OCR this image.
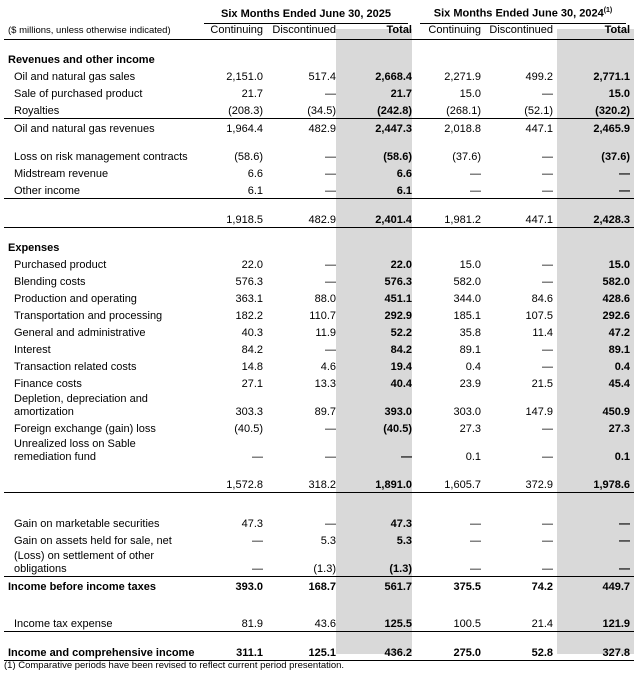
	Six Months Ended June 30, 2025			Six Months Ended June 30, 2024$^{(1)}$
($ millions, unless otherwise indicated)	Continuing	Discontinued	Total	Continuing	Discontinued	Total

Revenues and other income						
Oil and natural gas sales	2,151.0	517.4	2,668.4	2,271.9	499.2	2,771.1
Sale of purchased product	21.7	—	21.7	15.0	—	15.0
Royalties	(208.3)	(34.5)	(242.8)	(268.1)	(52.1)	(320.2)
Oil and natural gas revenues	1,964.4	482.9	2,447.3	2,018.8	447.1	2,465.9
Loss on risk management contracts	(58.6)	—	(58.6)	(37.6)	—	(37.6)
Midstream revenue	6.6	—	6.6	—	—	—
Other income	6.1	—	6.1	—	—	—
	1,918.5	482.9	2,401.4	1,981.2	447.1	2,428.3

Expenses						
Purchased product	22.0	—	22.0	15.0	—	15.0
Blending costs	576.3	—	576.3	582.0	—	582.0
Production and operating	363.1	88.0	451.1	344.0	84.6	428.6
Transportation and processing	182.2	110.7	292.9	185.1	107.5	292.6
General and administrative	40.3	11.9	52.2	35.8	11.4	47.2
Interest	84.2	—	84.2	89.1	—	89.1
Transaction related costs	14.8	4.6	19.4	0.4	—	0.4
Finance costs	27.1	13.3	40.4	23.9	21.5	45.4
Depletion, depreciation and amortization	303.3	89.7	393.0	303.0	147.9	450.9
Foreign exchange (gain) loss	(40.5)	—	(40.5)	27.3	—	27.3
Unrealized loss on Sable remediation fund	—	—	—	0.1	—	0.1
	1,572.8	318.2	1,891.0	1,605.7	372.9	1,978.6

Gain on marketable securities	47.3	—	47.3	—	—	—
Gain on assets held for sale, net	—	5.3	5.3	—	—	—
(Loss) on settlement of other obligations	—	(1.3)	(1.3)	—	—	—
Income before income taxes	393.0	168.7	561.7	375.5	74.2	449.7

Income tax expense	81.9	43.6	125.5	100.5	21.4	121.9
Income and comprehensive income	311.1	125.1	436.2	275.0	52.8	327.8
(1) Comparative periods have been revised to reflect current period presentation.
